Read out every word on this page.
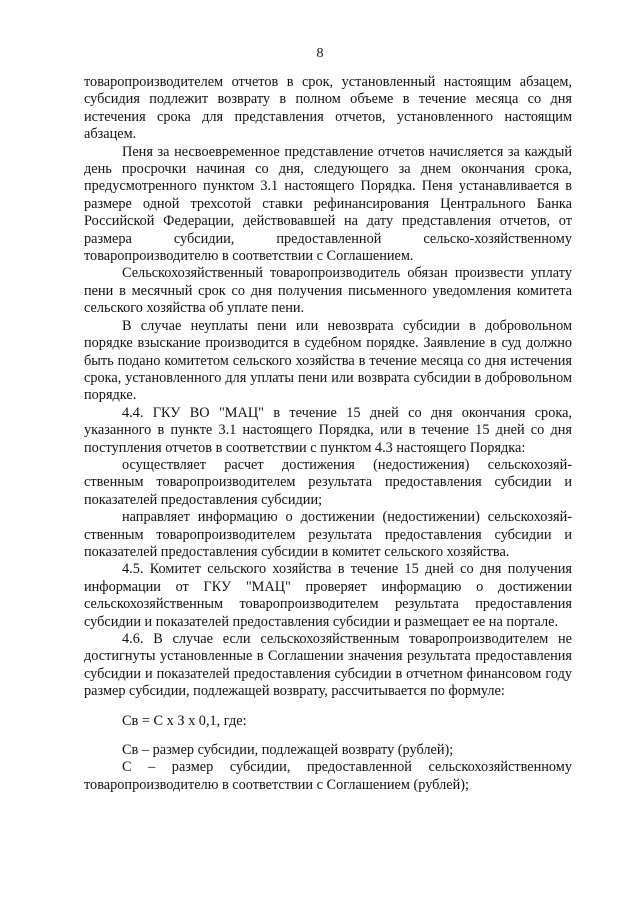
8

товаропроизводителем отчетов в срок, установленный настоящим абзацем, субсидия подлежит возврату в полном объеме в течение месяца со дня истечения срока для представления отчетов, установленного настоящим абзацем.

Пеня за несвоевременное представление отчетов начисляется за каждый день просрочки начиная со дня, следующего за днем окончания срока, предусмотренного пунктом 3.1 настоящего Порядка. Пеня устанавливается в размере одной трехсотой ставки рефинансирования Центрального Банка Российской Федерации, действовавшей на дату представления отчетов, от размера субсидии, предоставленной сельско-хозяйственному товаропроизводителю в соответствии с Соглашением.

Сельскохозяйственный товаропроизводитель обязан произвести уплату пени в месячный срок со дня получения письменного уведомления комитета сельского хозяйства об уплате пени.

В случае неуплаты пени или невозврата субсидии в добровольном порядке взыскание производится в судебном порядке. Заявление в суд должно быть подано комитетом сельского хозяйства в течение месяца со дня истечения срока, установленного для уплаты пени или возврата субсидии в добровольном порядке.

4.4. ГКУ ВО "МАЦ" в течение 15 дней со дня окончания срока, указанного в пункте 3.1 настоящего Порядка, или в течение 15 дней со дня поступления отчетов в соответствии с пунктом 4.3 настоящего Порядка:

осуществляет расчет достижения (недостижения) сельскохозяй-ственным товаропроизводителем результата предоставления субсидии и показателей предоставления субсидии;

направляет информацию о достижении (недостижении) сельскохозяй-ственным товаропроизводителем результата предоставления субсидии и показателей предоставления субсидии в комитет сельского хозяйства.

4.5. Комитет сельского хозяйства в течение 15 дней со дня получения информации от ГКУ "МАЦ" проверяет информацию о достижении сельскохозяйственным товаропроизводителем результата предоставления субсидии и показателей предоставления субсидии и размещает ее на портале.

4.6. В случае если сельскохозяйственным товаропроизводителем не достигнуты установленные в Соглашении значения результата предоставления субсидии и показателей предоставления субсидии в отчетном финансовом году размер субсидии, подлежащей возврату, рассчитывается по формуле:

Св = С х З х 0,1, где:

Св – размер субсидии, подлежащей возврату (рублей);

С – размер субсидии, предоставленной сельскохозяйственному товаропроизводителю в соответствии с Соглашением (рублей);
